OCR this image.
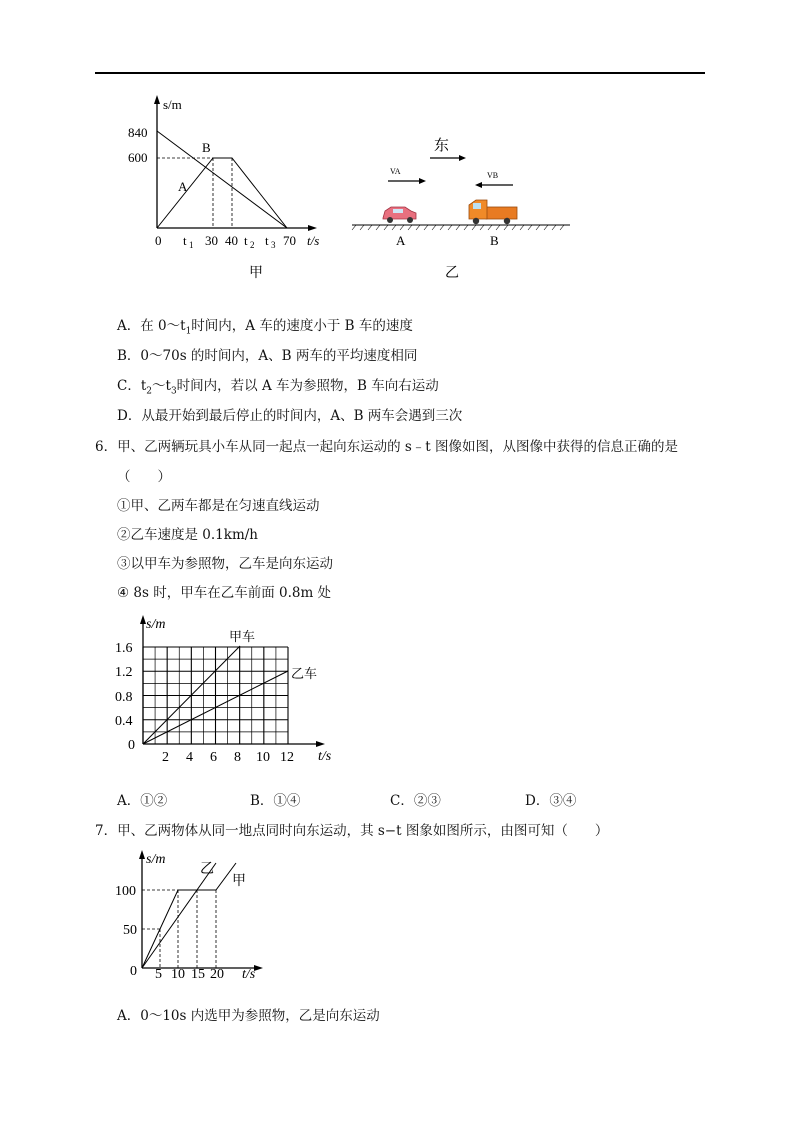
s/m
t/s
840
600
0 t 1 30 40 t 2 t 3 70
A
B
甲
东
VA	VB
A	B
乙
A．在 $0\sim t_1$时间内，A 车的速度小于 B 车的速度
B．0～70s 的时间内，A、B 两车的平均速度相同
C．$t_2\sim t_3$时间内，若以 A 车为参照物，B 车向右运动
D．从最开始到最后停止的时间内，A、B 两车会遇到三次
6．甲、乙两辆玩具小车从同一起点一起向东运动的 s﹣t 图像如图，从图像中获得的信息正确的是
（　　）
①甲、乙两车都是在匀速直线运动
②乙车速度是 0.1km/h
③以甲车为参照物，乙车是向东运动
④ 8s 时，甲车在乙车前面 0.8m 处
s/m
t/s
1.6
1.2
0.8
0.4
0
2 4 6 8 10 12
甲车
乙车
A．①②	B．①④	C．②③	D．③④
7．甲、乙两物体从同一地点同时向东运动，其 s−t 图象如图所示，由图可知（　　）
s/m
t/s
100
50
0 5 10 15 20
乙
甲
A．0～10s 内选甲为参照物，乙是向东运动
